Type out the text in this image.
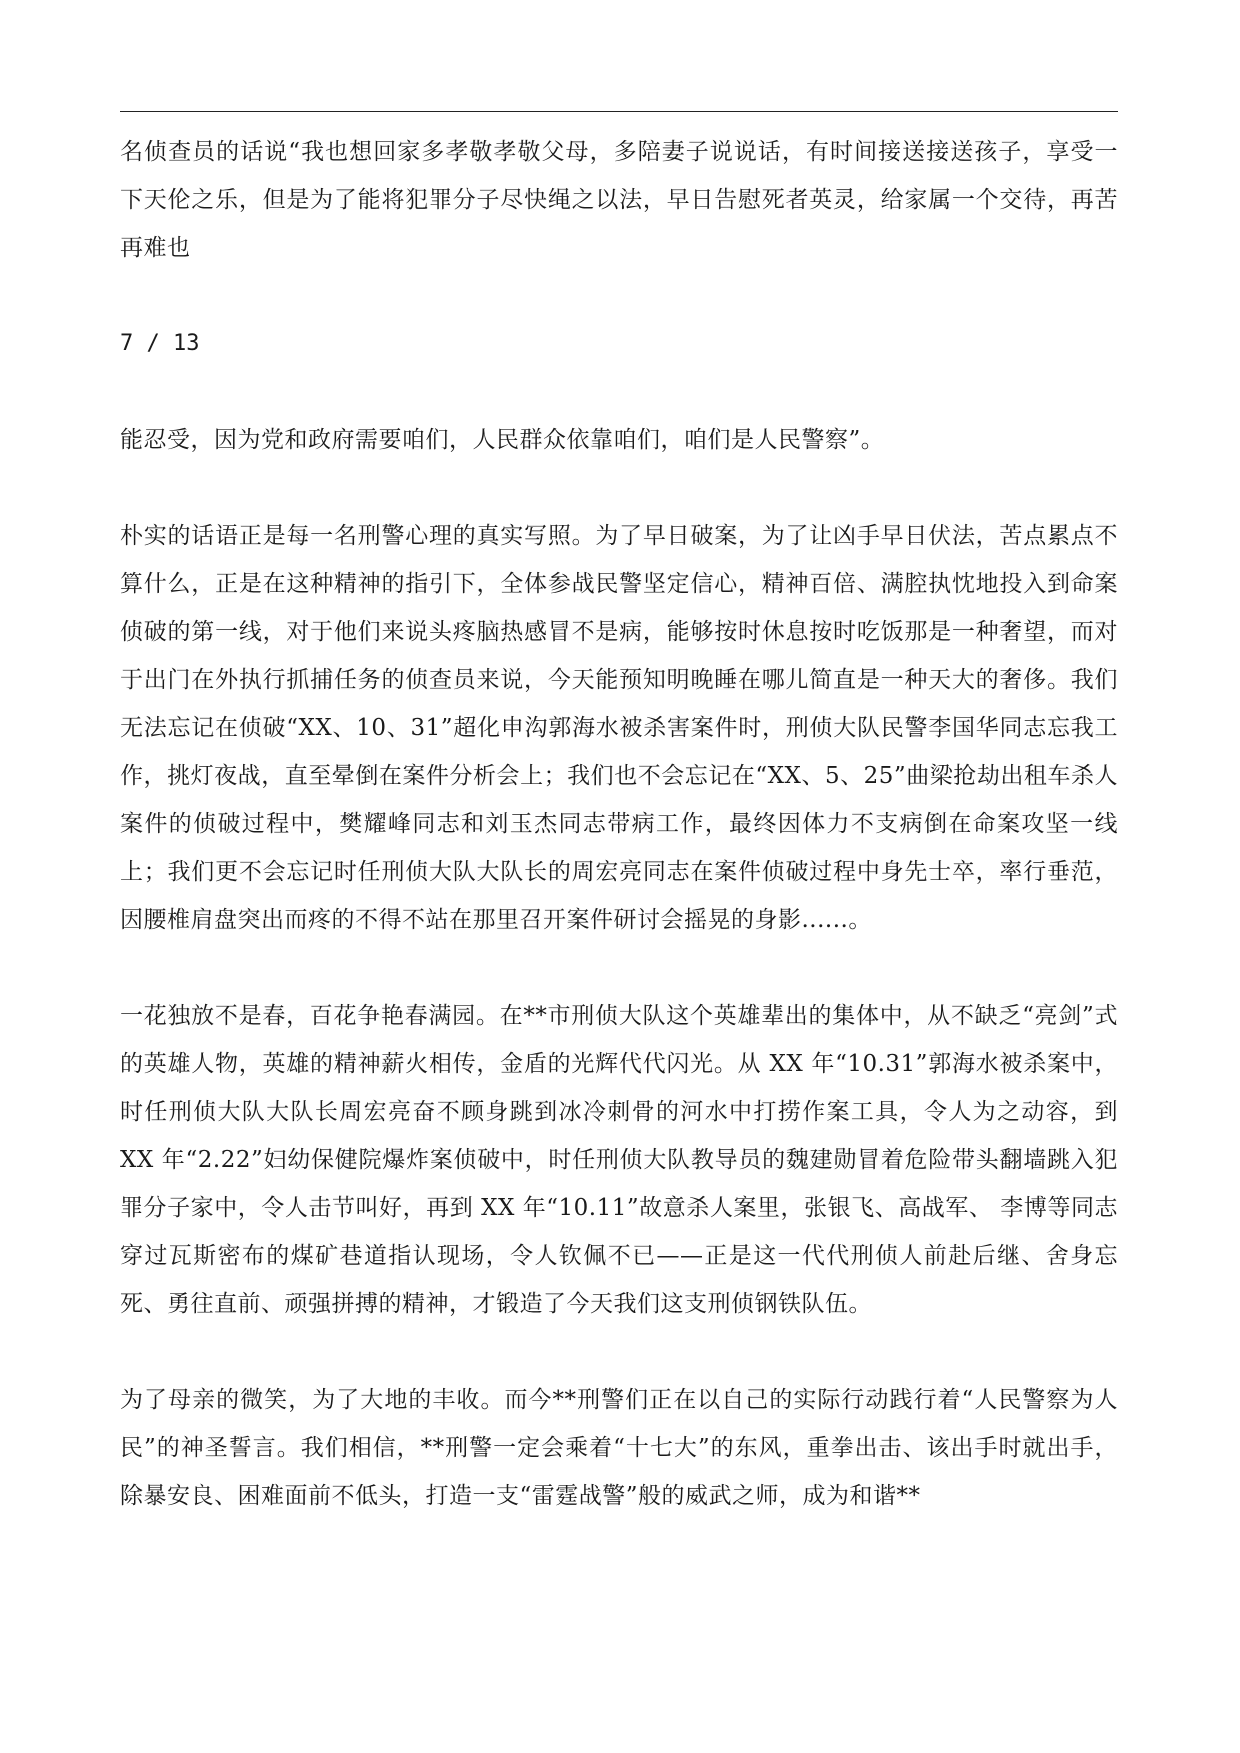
名侦查员的话说“我也想回家多孝敬孝敬父母，多陪妻子说说话，有时间接送接送孩子，享受一下天伦之乐，但是为了能将犯罪分子尽快绳之以法，早日告慰死者英灵，给家属一个交待，再苦再难也

7 / 13

能忍受，因为党和政府需要咱们，人民群众依靠咱们，咱们是人民警察”。

朴实的话语正是每一名刑警心理的真实写照。为了早日破案，为了让凶手早日伏法，苦点累点不算什么，正是在这种精神的指引下，全体参战民警坚定信心，精神百倍、满腔执忱地投入到命案侦破的第一线，对于他们来说头疼脑热感冒不是病，能够按时休息按时吃饭那是一种奢望，而对于出门在外执行抓捕任务的侦查员来说，今天能预知明晚睡在哪儿简直是一种天大的奢侈。我们无法忘记在侦破“XX、10、31”超化申沟郭海水被杀害案件时，刑侦大队民警李国华同志忘我工作，挑灯夜战，直至晕倒在案件分析会上；我们也不会忘记在“XX、5、25”曲梁抢劫出租车杀人案件的侦破过程中，樊耀峰同志和刘玉杰同志带病工作，最终因体力不支病倒在命案攻坚一线上；我们更不会忘记时任刑侦大队大队长的周宏亮同志在案件侦破过程中身先士卒，率行垂范，因腰椎肩盘突出而疼的不得不站在那里召开案件研讨会摇晃的身影......。

一花独放不是春，百花争艳春满园。在**市刑侦大队这个英雄辈出的集体中，从不缺乏“亮剑”式的英雄人物，英雄的精神薪火相传，金盾的光辉代代闪光。从 XX 年“10.31”郭海水被杀案中，时任刑侦大队大队长周宏亮奋不顾身跳到冰冷刺骨的河水中打捞作案工具，令人为之动容，到 XX 年“2.22”妇幼保健院爆炸案侦破中，时任刑侦大队教导员的魏建勋冒着危险带头翻墙跳入犯罪分子家中，令人击节叫好，再到 XX 年“10.11”故意杀人案里，张银飞、高战军、 李博等同志穿过瓦斯密布的煤矿巷道指认现场，令人钦佩不已——正是这一代代刑侦人前赴后继、舍身忘死、勇往直前、顽强拼搏的精神，才锻造了今天我们这支刑侦钢铁队伍。

为了母亲的微笑，为了大地的丰收。而今**刑警们正在以自己的实际行动践行着“人民警察为人民”的神圣誓言。我们相信，**刑警一定会乘着“十七大”的东风，重拳出击、该出手时就出手，除暴安良、困难面前不低头，打造一支“雷霆战警”般的威武之师，成为和谐**
